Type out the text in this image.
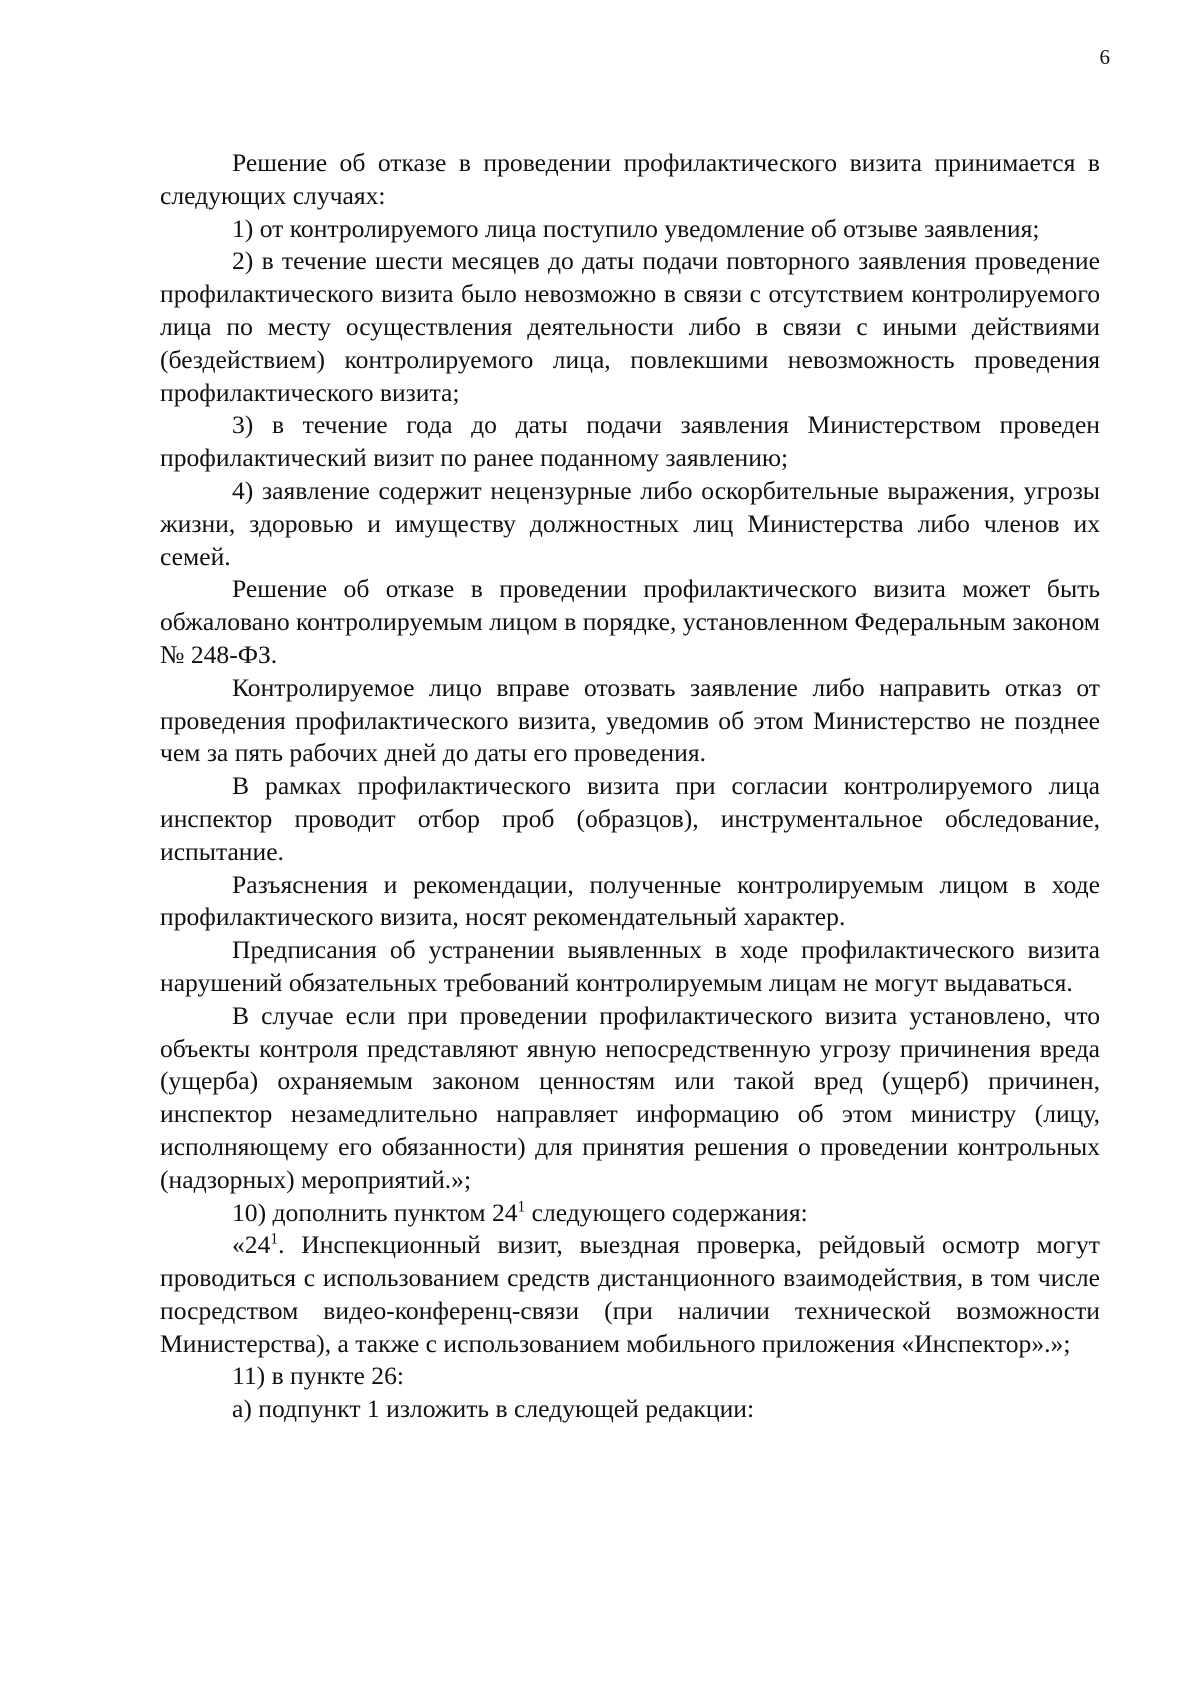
6

Решение об отказе в проведении профилактического визита принимается в следующих случаях:

1) от контролируемого лица поступило уведомление об отзыве заявления;

2) в течение шести месяцев до даты подачи повторного заявления проведение профилактического визита было невозможно в связи с отсутствием контролируемого лица по месту осуществления деятельности либо в связи с иными действиями (бездействием) контролируемого лица, повлекшими невозможность проведения профилактического визита;

3) в течение года до даты подачи заявления Министерством проведен профилактический визит по ранее поданному заявлению;

4) заявление содержит нецензурные либо оскорбительные выражения, угрозы жизни, здоровью и имуществу должностных лиц Министерства либо членов их семей.

Решение об отказе в проведении профилактического визита может быть обжаловано контролируемым лицом в порядке, установленном Федеральным законом № 248-ФЗ.

Контролируемое лицо вправе отозвать заявление либо направить отказ от проведения профилактического визита, уведомив об этом Министерство не позднее чем за пять рабочих дней до даты его проведения.

В рамках профилактического визита при согласии контролируемого лица инспектор проводит отбор проб (образцов), инструментальное обследование, испытание.

Разъяснения и рекомендации, полученные контролируемым лицом в ходе профилактического визита, носят рекомендательный характер.

Предписания об устранении выявленных в ходе профилактического визита нарушений обязательных требований контролируемым лицам не могут выдаваться.

В случае если при проведении профилактического визита установлено, что объекты контроля представляют явную непосредственную угрозу причинения вреда (ущерба) охраняемым законом ценностям или такой вред (ущерб) причинен, инспектор незамедлительно направляет информацию об этом министру (лицу, исполняющему его обязанности) для принятия решения о проведении контрольных (надзорных) мероприятий.»;

10) дополнить пунктом $24^1$ следующего содержания:

«$24^1$. Инспекционный визит, выездная проверка, рейдовый осмотр могут проводиться с использованием средств дистанционного взаимодействия, в том числе посредством видео-конференц-связи (при наличии технической возможности Министерства), а также с использованием мобильного приложения «Инспектор».»;

11) в пункте 26:

а) подпункт 1 изложить в следующей редакции:
